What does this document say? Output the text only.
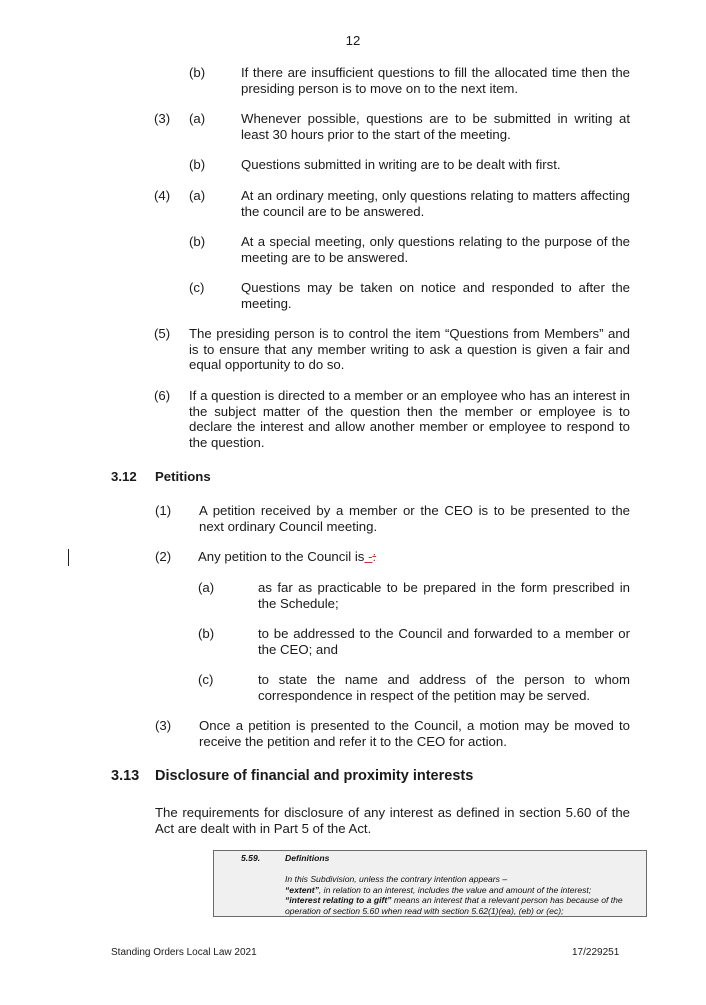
12
(b)	If there are insufficient questions to fill the allocated time then the presiding person is to move on to the next item.
(3) (a)	Whenever possible, questions are to be submitted in writing at least 30 hours prior to the start of the meeting.
(b)	Questions submitted in writing are to be dealt with first.
(4) (a)	At an ordinary meeting, only questions relating to matters affecting the council are to be answered.
(b)	At a special meeting, only questions relating to the purpose of the meeting are to be answered.
(c)	Questions may be taken on notice and responded to after the meeting.
(5) The presiding person is to control the item “Questions from Members” and is to ensure that any member writing to ask a question is given a fair and equal opportunity to do so.
(6) If a question is directed to a member or an employee who has an interest in the subject matter of the question then the member or employee is to declare the interest and allow another member or employee to respond to the question.
3.12 Petitions
(1) A petition received by a member or the CEO is to be presented to the next ordinary Council meeting.
(2) Any petition to the Council is -:
(a)	as far as practicable to be prepared in the form prescribed in the Schedule;
(b)	to be addressed to the Council and forwarded to a member or the CEO; and
(c)	to state the name and address of the person to whom correspondence in respect of the petition may be served.
(3) Once a petition is presented to the Council, a motion may be moved to receive the petition and refer it to the CEO for action.
3.13 Disclosure of financial and proximity interests
The requirements for disclosure of any interest as defined in section 5.60 of the Act are dealt with in Part 5 of the Act.
5.59.	Definitions
In this Subdivision, unless the contrary intention appears –
“extent”, in relation to an interest, includes the value and amount of the interest;
“interest relating to a gift” means an interest that a relevant person has because of the operation of section 5.60 when read with section 5.62(1)(ea), (eb) or (ec);
Standing Orders Local Law 2021	17/229251
